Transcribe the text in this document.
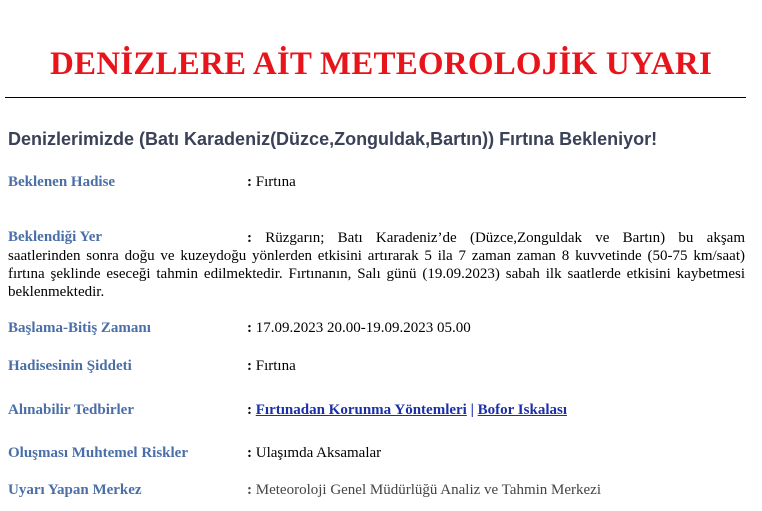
DENİZLERE AİT METEOROLOJİK UYARI
Denizlerimizde (Batı Karadeniz(Düzce,Zonguldak,Bartın)) Fırtına Bekleniyor!
Beklenen Hadise	: Fırtına
Beklendiği Yer	: Rüzgarın; Batı Karadeniz’de (Düzce,Zonguldak ve Bartın) bu akşam saatlerinden sonra doğu ve kuzeydoğu yönlerden etkisini artırarak 5 ila 7 zaman zaman 8 kuvvetinde (50-75 km/saat) fırtına şeklinde eseceği tahmin edilmektedir. Fırtınanın, Salı günü (19.09.2023) sabah ilk saatlerde etkisini kaybetmesi beklenmektedir.
Başlama-Bitiş Zamanı	: 17.09.2023 20.00-19.09.2023 05.00
Hadisesinin Şiddeti	: Fırtına
Alınabilir Tedbirler	: Fırtınadan Korunma Yöntemleri | Bofor Iskalası
Oluşması Muhtemel Riskler	: Ulaşımda Aksamalar
Uyarı Yapan Merkez	: Meteoroloji Genel Müdürlüğü Analiz ve Tahmin Merkezi
